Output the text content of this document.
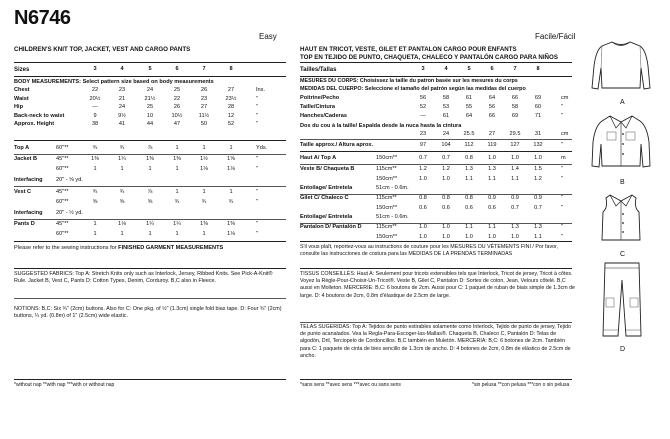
N6746
Easy
CHILDREN'S KNIT TOP, JACKET, VEST AND CARGO PANTS
Facile/Fácil
HAUT EN TRICOT, VESTE, GILET ET PANTALON CARGO POUR ENFANTS
TOP EN TEJIDO DE PUNTO, CHAQUETA, CHALECO Y PANTALÓN CARGO PARA NIÑOS
Sizes	3	4	5	6	7	8
BODY MEASUREMENTS: Select pattern size based on body measurements
Chest	22	23	24	25	26	27	Ins.
Waist	20½	21	21½	22	23	23½	"
Hip	—	24	25	26	27	28	"
Back-neck to waist	9	9½	10	10½	11½	12	"
Approx. Height	38	41	44	47	50	52	"
Top A	60"**	¾	¾	⅞	1	1	1	Yds.
Jacket B	45"**	1⅜	1¼	1⅜	1⅜	1½	1⅝	"
60"**	1	1	1	1	1⅛	1⅛	"
Interfacing 20" - ⅝ yd.
Vest C	45"**	¾	¾	⅞	1	1	1	"
60"**	⅝	⅝	⅝	¾	¾	¾	"
Interfacing 20" - ½ yd.
Pants D	45"**	1	1⅛	1¼	1¼	1⅜	1⅜	"
60"**	1	1	1	1	1	1⅛	"
Please refer to the sewing instructions for FINISHED GARMENT MEASUREMENTS
SUGGESTED FABRICS: Top A: Stretch Knits only such as Interlock, Jersey, Ribbed Knits. See Pick-A-Knit® Rule. Jacket B, Vest C, Pants D: Cotton Types, Denim, Corduroy. B,C also in Fleece.
NOTIONS: B,C: Six ¾" (2cm) buttons. Also for C: One pkg. of ½" (1.3cm) single fold bias tape. D: Four ¾" (2cm) buttons, ¼ yd. (0.8m) of 1" (2.5cm) wide elastic.
*without nap **with nap ***with or without nap
Tailles/Tallas	3	4	5	6	7	8
MESURES DU CORPS: Choisissez la taille du patron basée sur les mesures du corps
MEDIDAS DEL CUERPO: Seleccione el tamaño del patrón según las medidas del cuerpo
Poitrine/Pecho	56	58	61	64	66	69	cm
Taille/Cintura	52	53	55	56	58	60	"
Hanches/Caderas	—	61	64	66	69	71	"
Dos du cou à la taille/ Espalda desde la nuca hasta la cintura
23	24	25.5	27	29.5	31	cm
Taille approx./ Altura aprox.	97	104	112	119	127	132	"
Haut A/ Top A	150cm**	0.7	0.7	0.8	1.0	1.0	1.0	m
Veste B/ Chaqueta B	115cm**	1.2	1.2	1.3	1.3	1.4	1.5	"
150cm**	1.0	1.0	1.1	1.1	1.1	1.2	"
Entoilage/ Entretela	51cm - 0.6m.
Gilet C/ Chaleco C	115cm**	0.8	0.8	0.8	0.9	0.9	0.9	"
150cm**	0.6	0.6	0.6	0.6	0.7	0.7	"
Entoilage/ Entretela	51cm - 0.6m.
Pantalon D/ Pantalón D	115cm**	1.0	1.0	1.1	1.1	1.3	1.3	"
150cm**	1.0	1.0	1.0	1.0	1.0	1.1	"
S'il vous plaît, reportez-vous au instructions de couture pour les MESURES DU VÊTEMENTS FINI / Por favor, consulte las instrucciones de costura para las MEDIDAS DE LA PRENDAS TERMINADAS
TISSUS CONSEILLÉS: Haut A: Seulement pour tricots extensibles tels que Interlock, Tricot de jersey, Tricot à côtes. Voyez la Règle-Pour-Choisir-Un-Tricot®. Veste B, Gilet C, Pantalon D: Sortes de coton, Jean, Velours côtelé. B,C aussi en Molleton. MERCERIE: B,C: 6 boutons de 2cm. Aussi pour C: 1 paquet de ruban de biais simple de 1.3cm de large. D: 4 boutons de 2cm, 0.8m d'élastique de 2.5cm de large.
TELAS SUGERIDAS: Top A: Tejidos de punto estirables solamente como Interlock, Tejido de punto de jersey, Tejido de punto acanalados. Vea la Regla-Para-Escoger-las-Mallas®. Chaqueta B, Chaleco C, Pantalón D: Telas de algodón, Dril, Terciopelo de Cordoncillos. B,C también en Muletón. MERCERIA: B,C: 6 botones de 2cm. También para C: 1 paquete de cinta de bies sencillo de 1.3cm de ancho. D: 4 botones de 2cm, 0.8m de elástico de 2.5cm de ancho.
*sans sens **avec sens ***avec ou sans sens	*sin pelusa **con pelusa ***con o sin pelusa
A
B
C
D
